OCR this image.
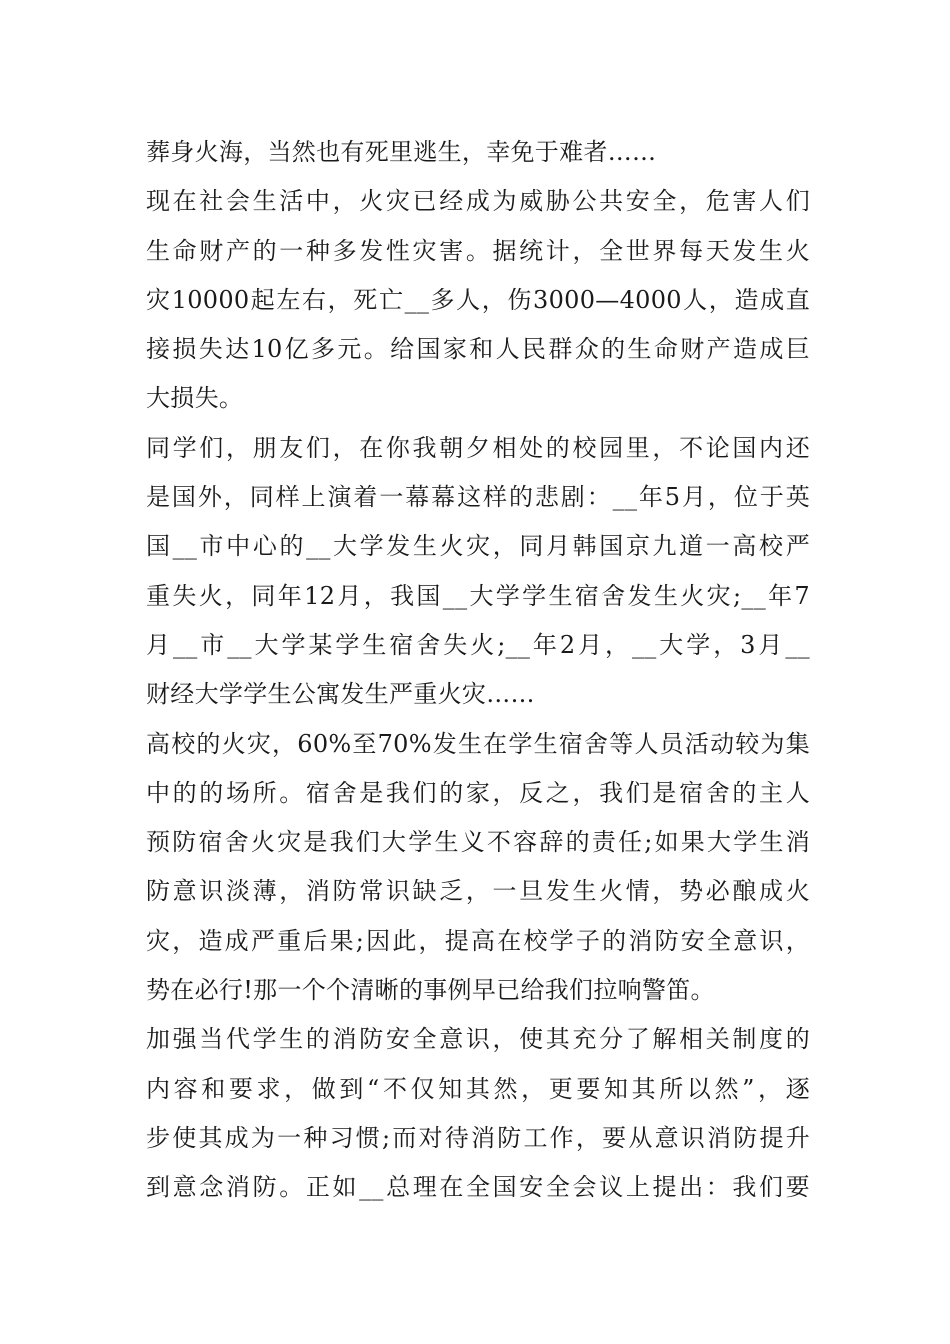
葬身火海，当然也有死里逃生，幸免于难者……
现在社会生活中，火灾已经成为威胁公共安全，危害人们
生命财产的一种多发性灾害。据统计，全世界每天发生火
灾10000起左右，死亡__多人，伤3000—4000人，造成直
接损失达10亿多元。给国家和人民群众的生命财产造成巨
大损失。
同学们，朋友们，在你我朝夕相处的校园里，不论国内还
是国外，同样上演着一幕幕这样的悲剧：__年5月，位于英
国__市中心的__大学发生火灾，同月韩国京九道一高校严
重失火，同年12月，我国__大学学生宿舍发生火灾;__年7
月__市__大学某学生宿舍失火;__年2月，__大学，3月__
财经大学学生公寓发生严重火灾……
高校的火灾，60%至70%发生在学生宿舍等人员活动较为集
中的的场所。宿舍是我们的家，反之，我们是宿舍的主人
预防宿舍火灾是我们大学生义不容辞的责任;如果大学生消
防意识淡薄，消防常识缺乏，一旦发生火情，势必酿成火
灾，造成严重后果;因此，提高在校学子的消防安全意识，
势在必行!那一个个清晰的事例早已给我们拉响警笛。
加强当代学生的消防安全意识，使其充分了解相关制度的
内容和要求，做到“不仅知其然，更要知其所以然”，逐
步使其成为一种习惯;而对待消防工作，要从意识消防提升
到意念消防。正如__总理在全国安全会议上提出：我们要
